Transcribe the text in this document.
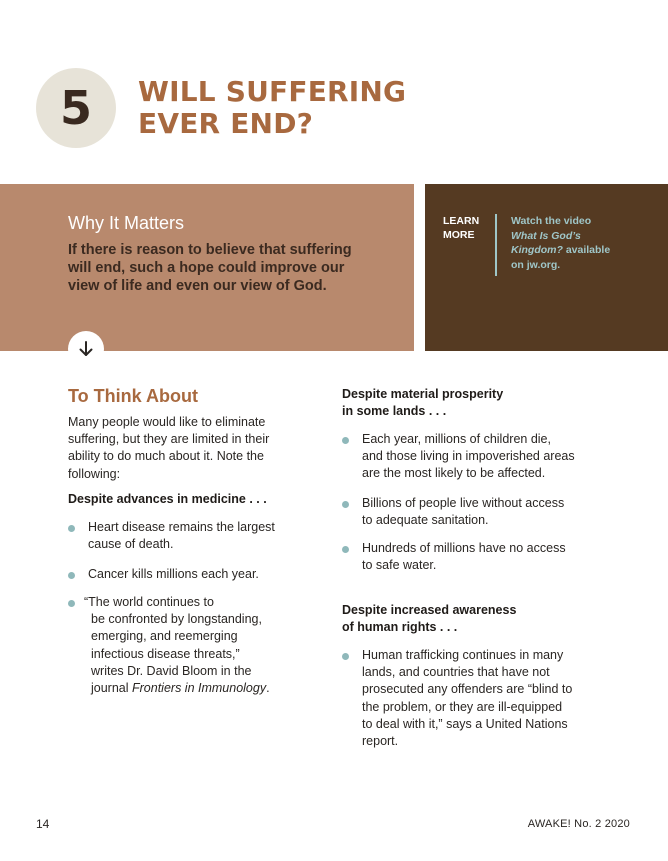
5 WILL SUFFERING
EVER END?
Why It Matters
If there is reason to believe that suffering
will end, such a hope could improve our
view of life and even our view of God.
LEARN
MORE
Watch the video
What Is God’s
Kingdom? available
on jw.org.
To Think About
Many people would like to eliminate
suffering, but they are limited in their
ability to do much about it. Note the
following:
Despite advances in medicine . . .
Heart disease remains the largest
cause of death.
Cancer kills millions each year.
“The world continues to
be confronted by longstanding,
emerging, and reemerging
infectious disease threats,”
writes Dr. David Bloom in the
journal Frontiers in Immunology.
Despite material prosperity
in some lands . . .
Each year, millions of children die,
and those living in impoverished areas
are the most likely to be affected.
Billions of people live without access
to adequate sanitation.
Hundreds of millions have no access
to safe water.
Despite increased awareness
of human rights . . .
Human trafficking continues in many
lands, and countries that have not
prosecuted any offenders are “blind to
the problem, or they are ill-equipped
to deal with it,” says a United Nations
report.
14	AWAKE! No. 2 2020
